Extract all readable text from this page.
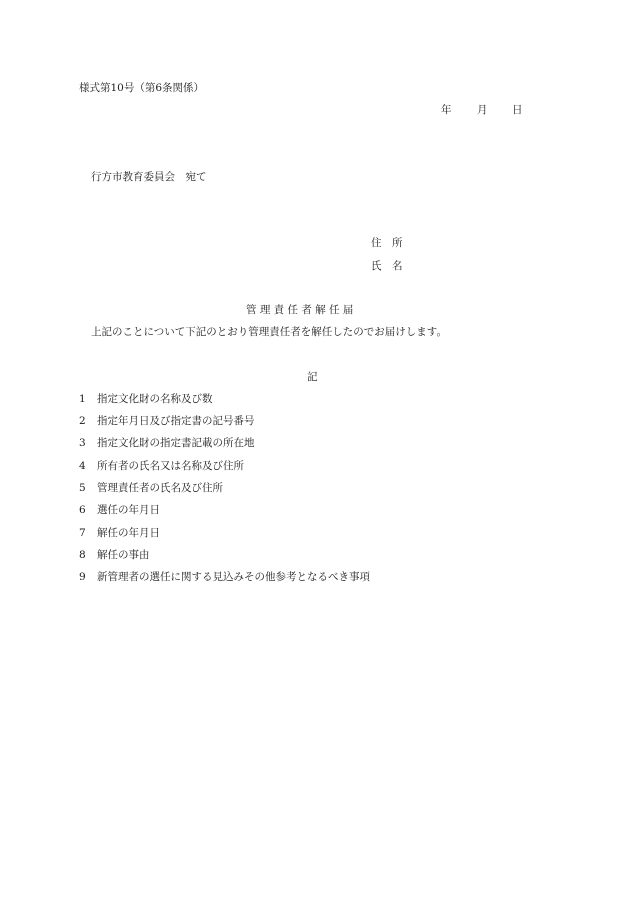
様式第10号（第6条関係）
年 月 日
行方市教育委員会　宛て
住　所
氏　名
管 理 責 任 者 解 任 届
上記のことについて下記のとおり管理責任者を解任したのでお届けします。
記
1 指定文化財の名称及び数
2 指定年月日及び指定書の記号番号
3 指定文化財の指定書記載の所在地
4 所有者の氏名又は名称及び住所
5 管理責任者の氏名及び住所
6 選任の年月日
7 解任の年月日
8 解任の事由
9 新管理者の選任に関する見込みその他参考となるべき事項
